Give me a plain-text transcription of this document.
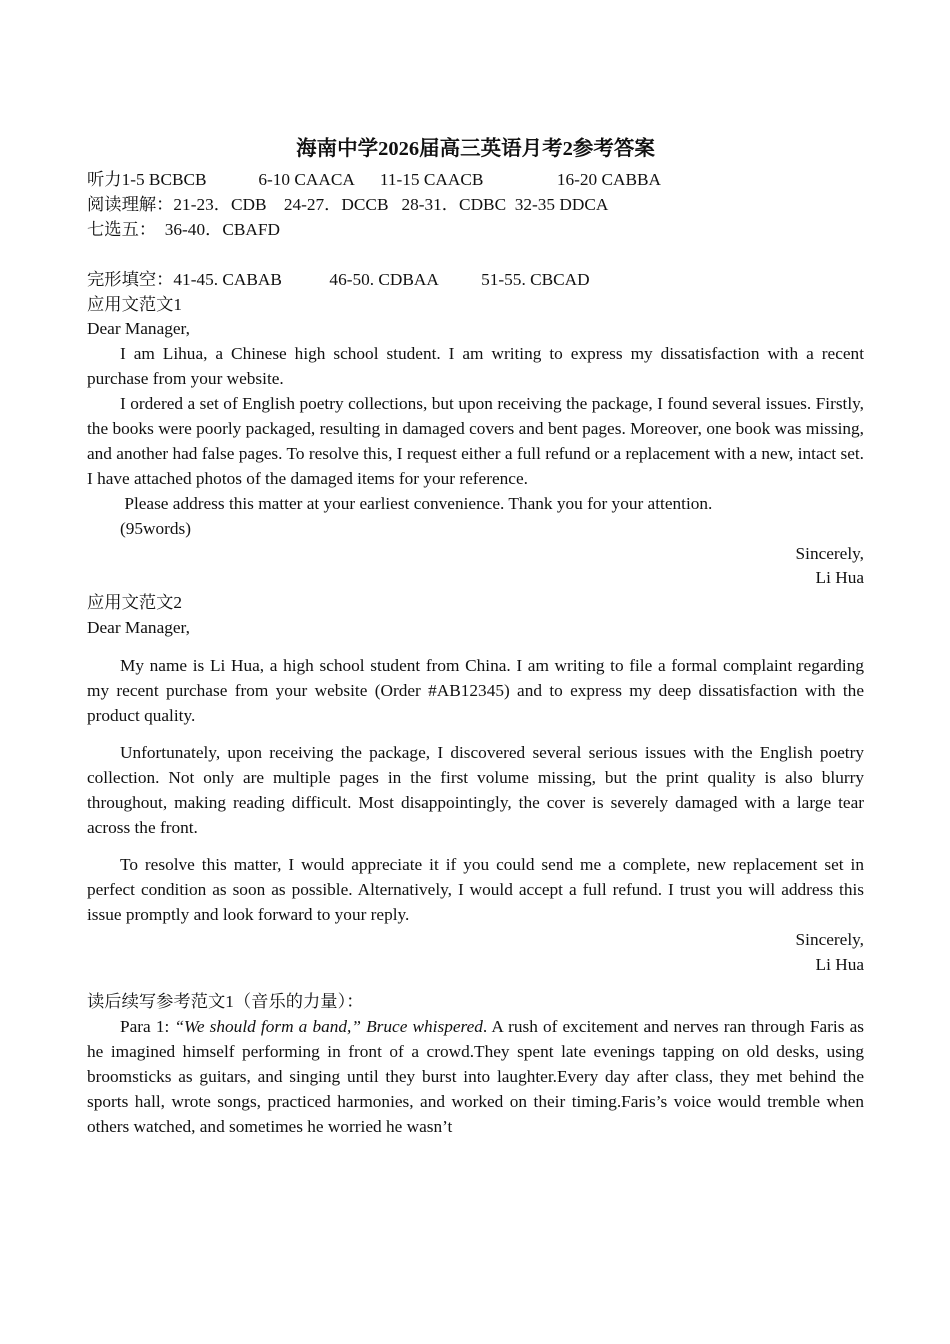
海南中学2026届高三英语月考2参考答案

听力1-5 BCBCB            6-10 CAACA      11-15 CAACB                 16-20 CABBA

阅读理解：21-23．CDB    24-27．DCCB   28-31．CDBC  32-35 DDCA

七选五：  36-40．CBAFD

完形填空：41-45. CABAB           46-50. CDBAA          51-55. CBCAD

应用文范文1

Dear Manager,

I am Lihua, a Chinese high school student. I am writing to express my dissatisfaction with a recent purchase from your website.

I ordered a set of English poetry collections, but upon receiving the package, I found several issues. Firstly, the books were poorly packaged, resulting in damaged covers and bent pages. Moreover, one book was missing, and another had false pages. To resolve this, I request either a full refund or a replacement with a new, intact set. I have attached photos of the damaged items for your reference.

Please address this matter at your earliest convenience. Thank you for your attention.

(95words)

Sincerely,

Li Hua

应用文范文2

Dear Manager,

My name is Li Hua, a high school student from China. I am writing to file a formal complaint regarding my recent purchase from your website (Order #AB12345) and to express my deep dissatisfaction with the product quality.

Unfortunately, upon receiving the package, I discovered several serious issues with the English poetry collection. Not only are multiple pages in the first volume missing, but the print quality is also blurry throughout, making reading difficult. Most disappointingly, the cover is severely damaged with a large tear across the front.

To resolve this matter, I would appreciate it if you could send me a complete, new replacement set in perfect condition as soon as possible. Alternatively, I would accept a full refund. I trust you will address this issue promptly and look forward to your reply.

Sincerely,

Li Hua

读后续写参考范文1（音乐的力量）：

Para 1: “We should form a band,” Bruce whispered. A rush of excitement and nerves ran through Faris as he imagined himself performing in front of a crowd.They spent late evenings tapping on old desks, using broomsticks as guitars, and singing until they burst into laughter.Every day after class, they met behind the sports hall, wrote songs, practiced harmonies, and worked on their timing.Faris’s voice would tremble when others watched, and sometimes he worried he wasn’t
